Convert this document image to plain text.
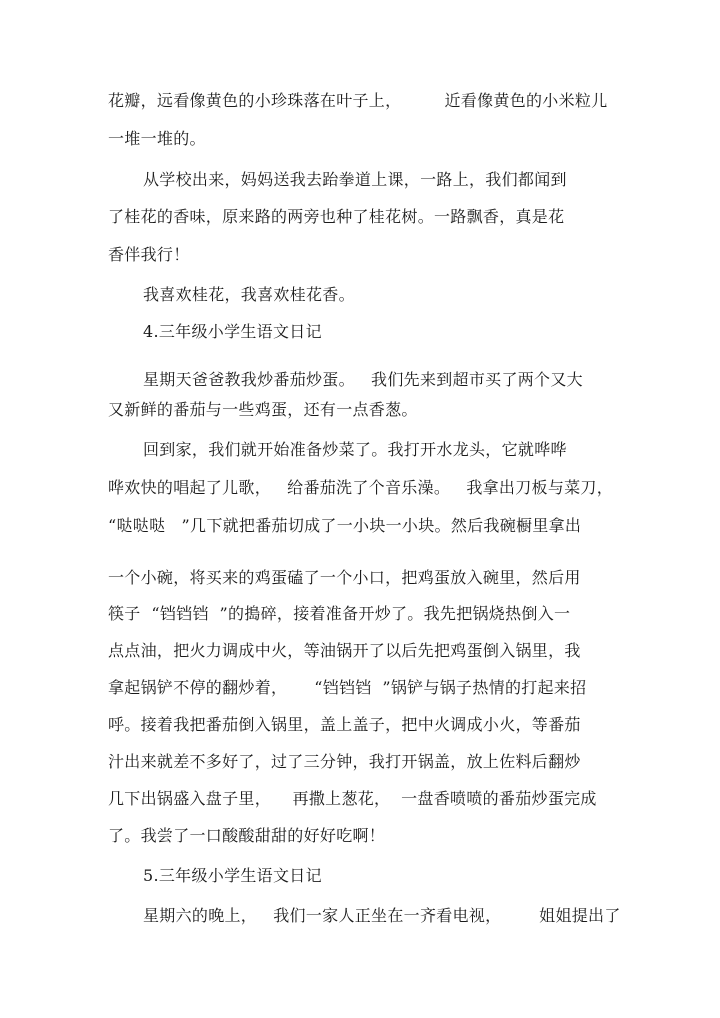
花瓣，远看像黄色的小珍珠落在叶子上，        近看像黄色的小米粒儿
一堆一堆的。
从学校出来，妈妈送我去跆拳道上课，一路上，我们都闻到
了桂花的香味，原来路的两旁也种了桂花树。一路飘香，真是花
香伴我行！
我喜欢桂花，我喜欢桂花香。
4.三年级小学生语文日记
星期天爸爸教我炒番茄炒蛋。   我们先来到超市买了两个又大
又新鲜的番茄与一些鸡蛋，还有一点香葱。
回到家，我们就开始准备炒菜了。我打开水龙头，它就哗哗
哗欢快的唱起了儿歌，   给番茄洗了个音乐澡。   我拿出刀板与菜刀，
“哒哒哒   ”几下就把番茄切成了一小块一小块。然后我碗橱里拿出
一个小碗，将买来的鸡蛋磕了一个小口，把鸡蛋放入碗里，然后用
筷子  “铛铛铛  ”的搗碎，接着准备开炒了。我先把锅烧热倒入一
点点油，把火力调成中火，等油锅开了以后先把鸡蛋倒入锅里，我
拿起锅铲不停的翻炒着，     “铛铛铛  ”锅铲与锅子热情的打起来招
呼。接着我把番茄倒入锅里，盖上盖子，把中火调成小火，等番茄
汁出来就差不多好了，过了三分钟，我打开锅盖，放上佐料后翻炒
几下出锅盛入盘子里，    再撒上葱花，  一盘香喷喷的番茄炒蛋完成
了。我尝了一口酸酸甜甜的好好吃啊！
5.三年级小学生语文日记
星期六的晚上，   我们一家人正坐在一齐看电视，       姐姐提出了
